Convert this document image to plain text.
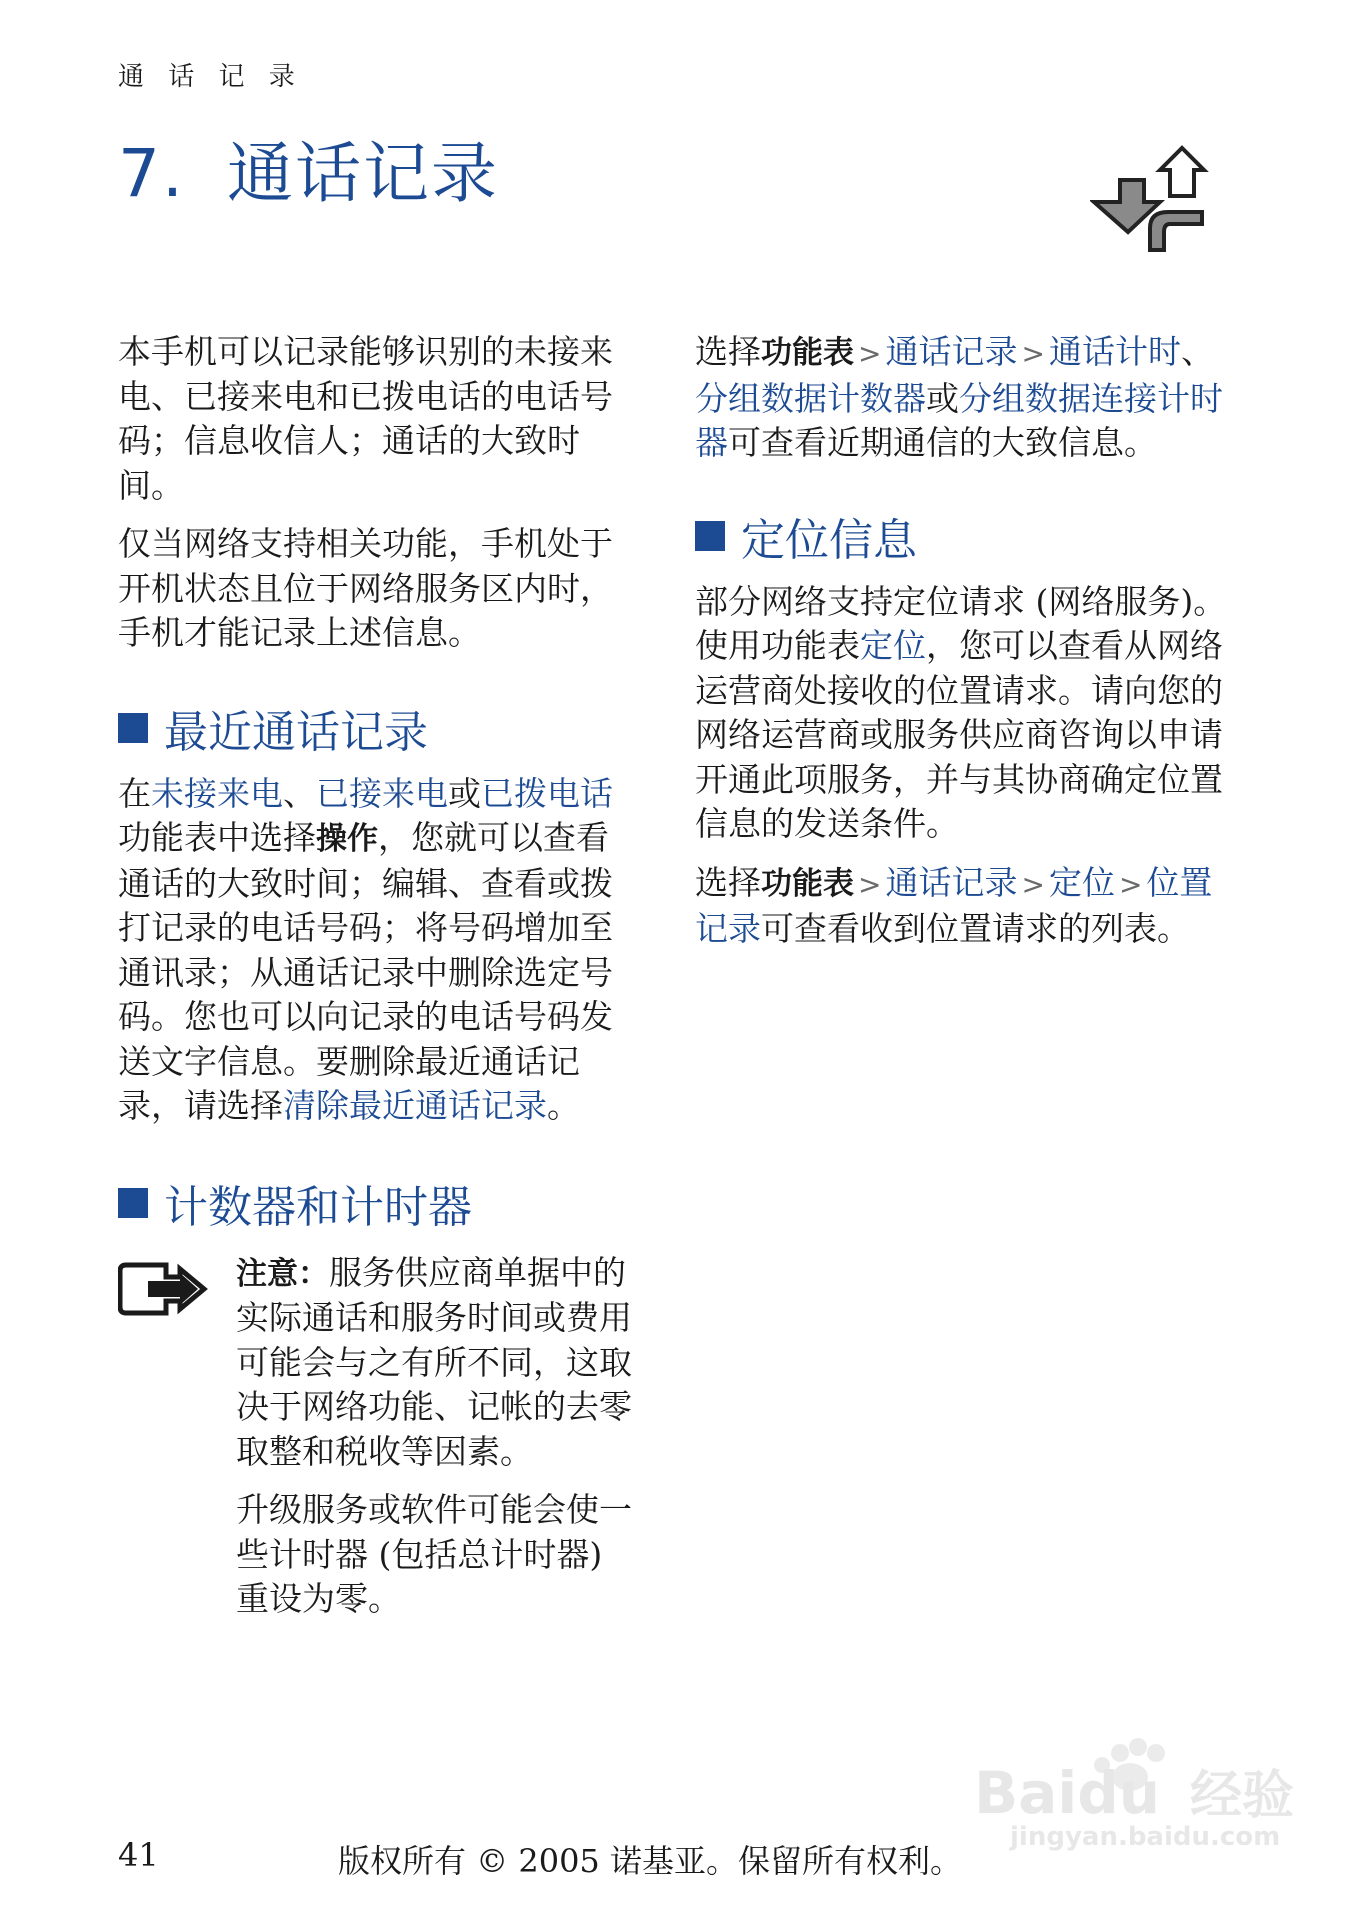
通 话 记 录
7. 通话记录

本手机可以记录能够识别的未接来电、已接来电和已拨电话的电话号码；信息收信人；通话的大致时间。

仅当网络支持相关功能，手机处于开机状态且位于网络服务区内时，手机才能记录上述信息。

最近通话记录

在未接来电、已接来电或已拨电话功能表中选择操作，您就可以查看通话的大致时间；编辑、查看或拨打记录的电话号码；将号码增加至通讯录；从通话记录中删除选定号码。您也可以向记录的电话号码发送文字信息。要删除最近通话记录，请选择清除最近通话记录。

计数器和计时器

注意：服务供应商单据中的实际通话和服务时间或费用可能会与之有所不同，这取决于网络功能、记帐的去零取整和税收等因素。

升级服务或软件可能会使一些计时器 (包括总计时器) 重设为零。

选择功能表 > 通话记录 > 通话计时、分组数据计数器或分组数据连接计时器可查看近期通信的大致信息。

定位信息

部分网络支持定位请求 (网络服务)。使用功能表定位，您可以查看从网络运营商处接收的位置请求。请向您的网络运营商或服务供应商咨询以申请开通此项服务，并与其协商确定位置信息的发送条件。

选择功能表 > 通话记录 > 定位 > 位置记录可查看收到位置请求的列表。

41	版权所有 © 2005 诺基亚。保留所有权利。
Baidu 经验
jingyan.baidu.com
